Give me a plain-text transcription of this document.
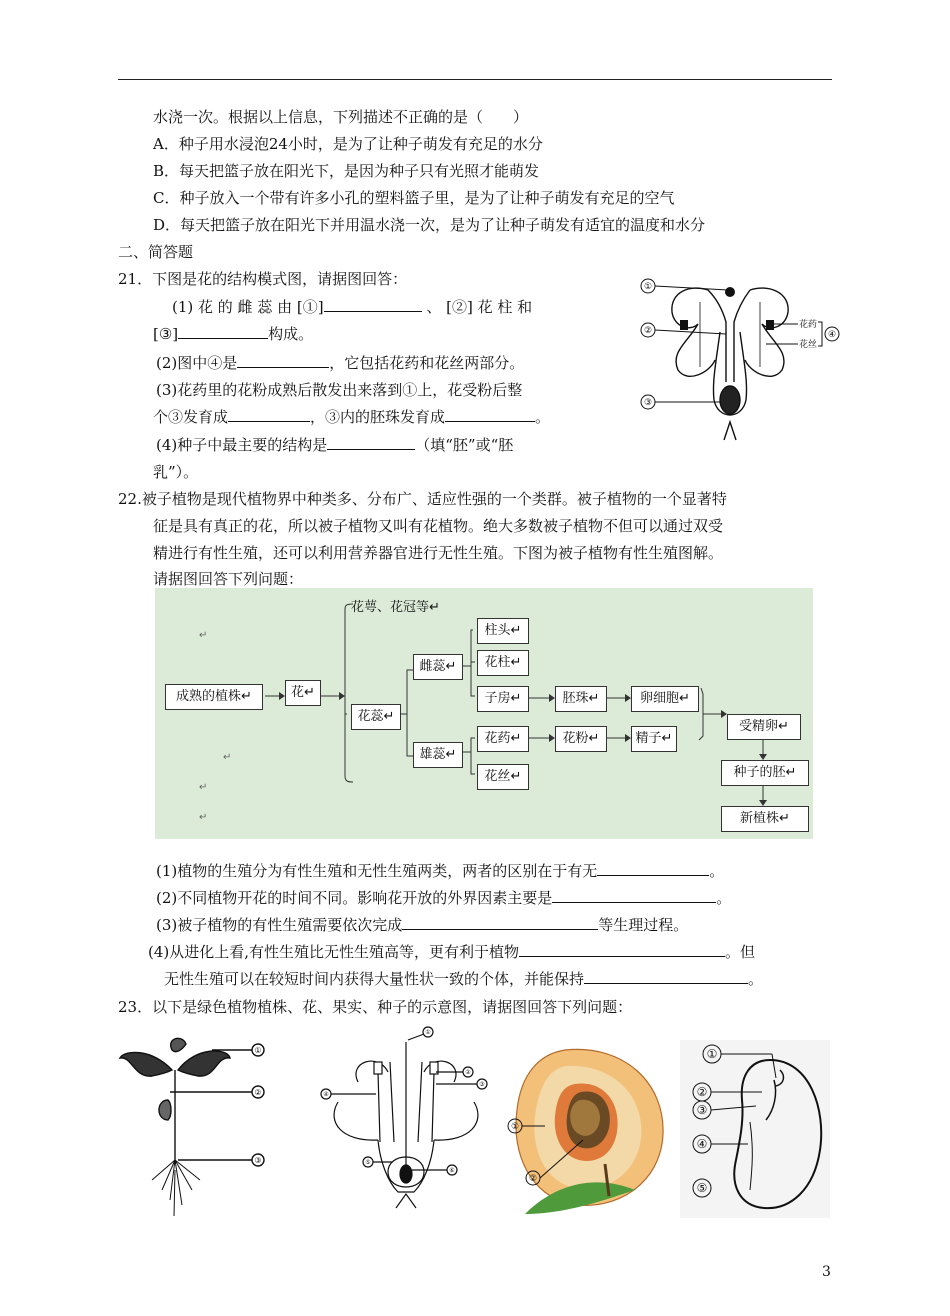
水浇一次。根据以上信息，下列描述不正确的是（　　）
A．种子用水浸泡24小时，是为了让种子萌发有充足的水分
B．每天把篮子放在阳光下，是因为种子只有光照才能萌发
C．种子放入一个带有许多小孔的塑料篮子里，是为了让种子萌发有充足的空气
D．每天把篮子放在阳光下并用温水浇一次，是为了让种子萌发有适宜的温度和水分
二、简答题
21．下图是花的结构模式图，请据图回答：
(1) 花 的 雌 蕊 由 [①]	、 [②] 花 柱 和
[③]	构成。
(2)图中④是	，它包括花药和花丝两部分。
(3)花药里的花粉成熟后散发出来落到①上，花受粉后整
个③发育成	，③内的胚珠发育成	。
(4)种子中最主要的结构是	（填“胚”或“胚
乳”）。
①
②
③
④
花药
花丝
22.被子植物是现代植物界中种类多、分布广、适应性强的一个类群。被子植物的一个显著特
征是具有真正的花，所以被子植物又叫有花植物。绝大多数被子植物不但可以通过双受
精进行有性生殖，还可以利用营养器官进行无性生殖。下图为被子植物有性生殖图解。
请据图回答下列问题：
花萼、花冠等↵
成熟的植株↵	花↵
花蕊↵
雌蕊↵
雄蕊↵
柱头↵
花柱↵
子房↵
花药↵
花丝↵
胚珠↵
花粉↵
卵细胞↵
精子↵
受精卵↵
种子的胚↵
新植株↵
↵
↵
↵
↵
(1)植物的生殖分为有性生殖和无性生殖两类，两者的区别在于有无	。
(2)不同植物开花的时间不同。影响花开放的外界因素主要是	。
(3)被子植物的有性生殖需要依次完成	等生理过程。
(4)从进化上看,有性生殖比无性生殖高等，更有利于植物	。但
无性生殖可以在较短时间内获得大量性状一致的个体，并能保持	。
23．以下是绿色植物植株、花、果实、种子的示意图，请据图回答下列问题：
①
②
③
①
②
③
④
⑤
⑥
①
②
①
②
③
④
⑤
3
